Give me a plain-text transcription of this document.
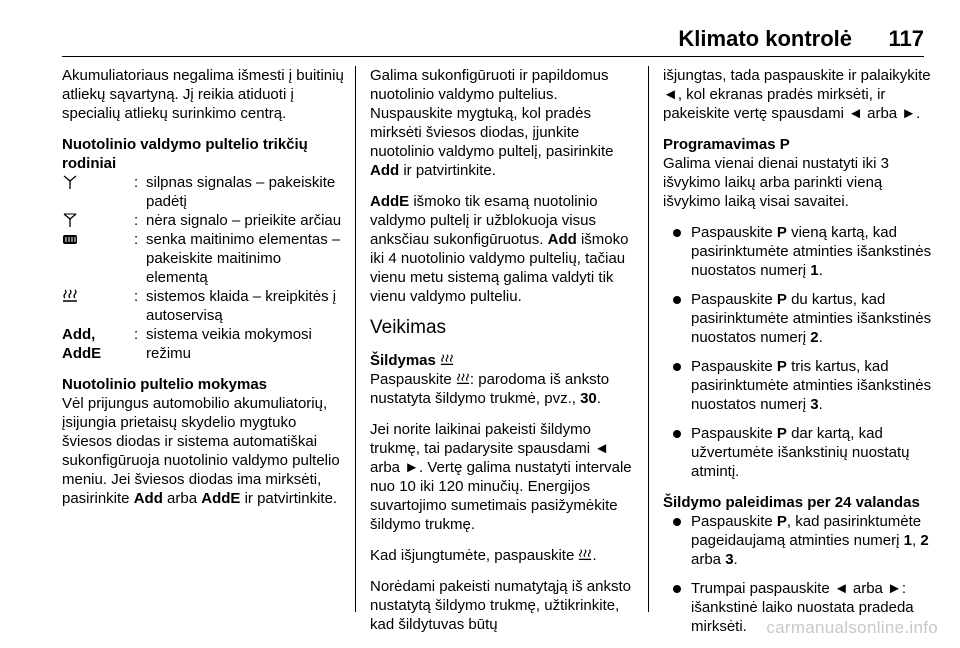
Klimato kontrolė 117

Akumuliatoriaus negalima išmesti į buitinių atliekų sąvartyną. Jį reikia atiduoti į specialių atliekų surinkimo centrą.

Nuotolinio valdymo pultelio trikčių rodiniai
: silpnas signalas – pakeiskite padėtį
: nėra signalo – prieikite arčiau
: senka maitinimo elementas – pakeiskite maitinimo elementą
: sistemos klaida – kreipkitės į autoservisą
Add, AddE
: sistema veikia mokymosi režimu
Nuotolinio pultelio mokymas

Vėl prijungus automobilio akumuliatorių, įsijungia prietaisų skydelio mygtuko šviesos diodas ir sistema automatiškai sukonfigūruoja nuotolinio valdymo pultelio meniu. Jei šviesos diodas ima mirksėti, pasirinkite Add arba AddE ir patvirtinkite.

Galima sukonfigūruoti ir papildomus nuotolinio valdymo pultelius. Nuspauskite mygtuką, kol pradės mirksėti šviesos diodas, įjunkite nuotolinio valdymo pultelį, pasirinkite Add ir patvirtinkite.

AddE išmoko tik esamą nuotolinio valdymo pultelį ir užblokuoja visus anksčiau sukonfigūruotus. Add išmoko iki 4 nuotolinio valdymo pultelių, tačiau vienu metu sistemą galima valdyti tik vienu valdymo pulteliu.

Veikimas
Šildymas

Paspauskite : parodoma iš anksto nustatyta šildymo trukmė, pvz., 30.

Jei norite laikinai pakeisti šildymo trukmę, tai padarysite spausdami ◄ arba ►. Vertę galima nustatyti intervale nuo 10 iki 120 minučių. Energijos suvartojimo sumetimais pasižymėkite šildymo trukmę.

Kad išjungtumėte, paspauskite .

Norėdami pakeisti numatytąją iš anksto nustatytą šildymo trukmę, užtikrinkite, kad šildytuvas būtų

išjungtas, tada paspauskite ir palaikykite ◄, kol ekranas pradės mirksėti, ir pakeiskite vertę spausdami ◄ arba ►.

Programavimas P

Galima vienai dienai nustatyti iki 3 išvykimo laikų arba parinkti vieną išvykimo laiką visai savaitei.

Paspauskite P vieną kartą, kad pasirinktumėte atminties išankstinės nuostatos numerį 1.
Paspauskite P du kartus, kad pasirinktumėte atminties išankstinės nuostatos numerį 2.
Paspauskite P tris kartus, kad pasirinktumėte atminties išankstinės nuostatos numerį 3.
Paspauskite P dar kartą, kad užvertumėte išankstinių nuostatų atmintį.
Šildymo paleidimas per 24 valandas
Paspauskite P, kad pasirinktumėte pageidaujamą atminties numerį 1, 2 arba 3.
Trumpai paspauskite ◄ arba ►: išankstinė laiko nuostata pradeda mirksėti.	carmanualsonline.info
